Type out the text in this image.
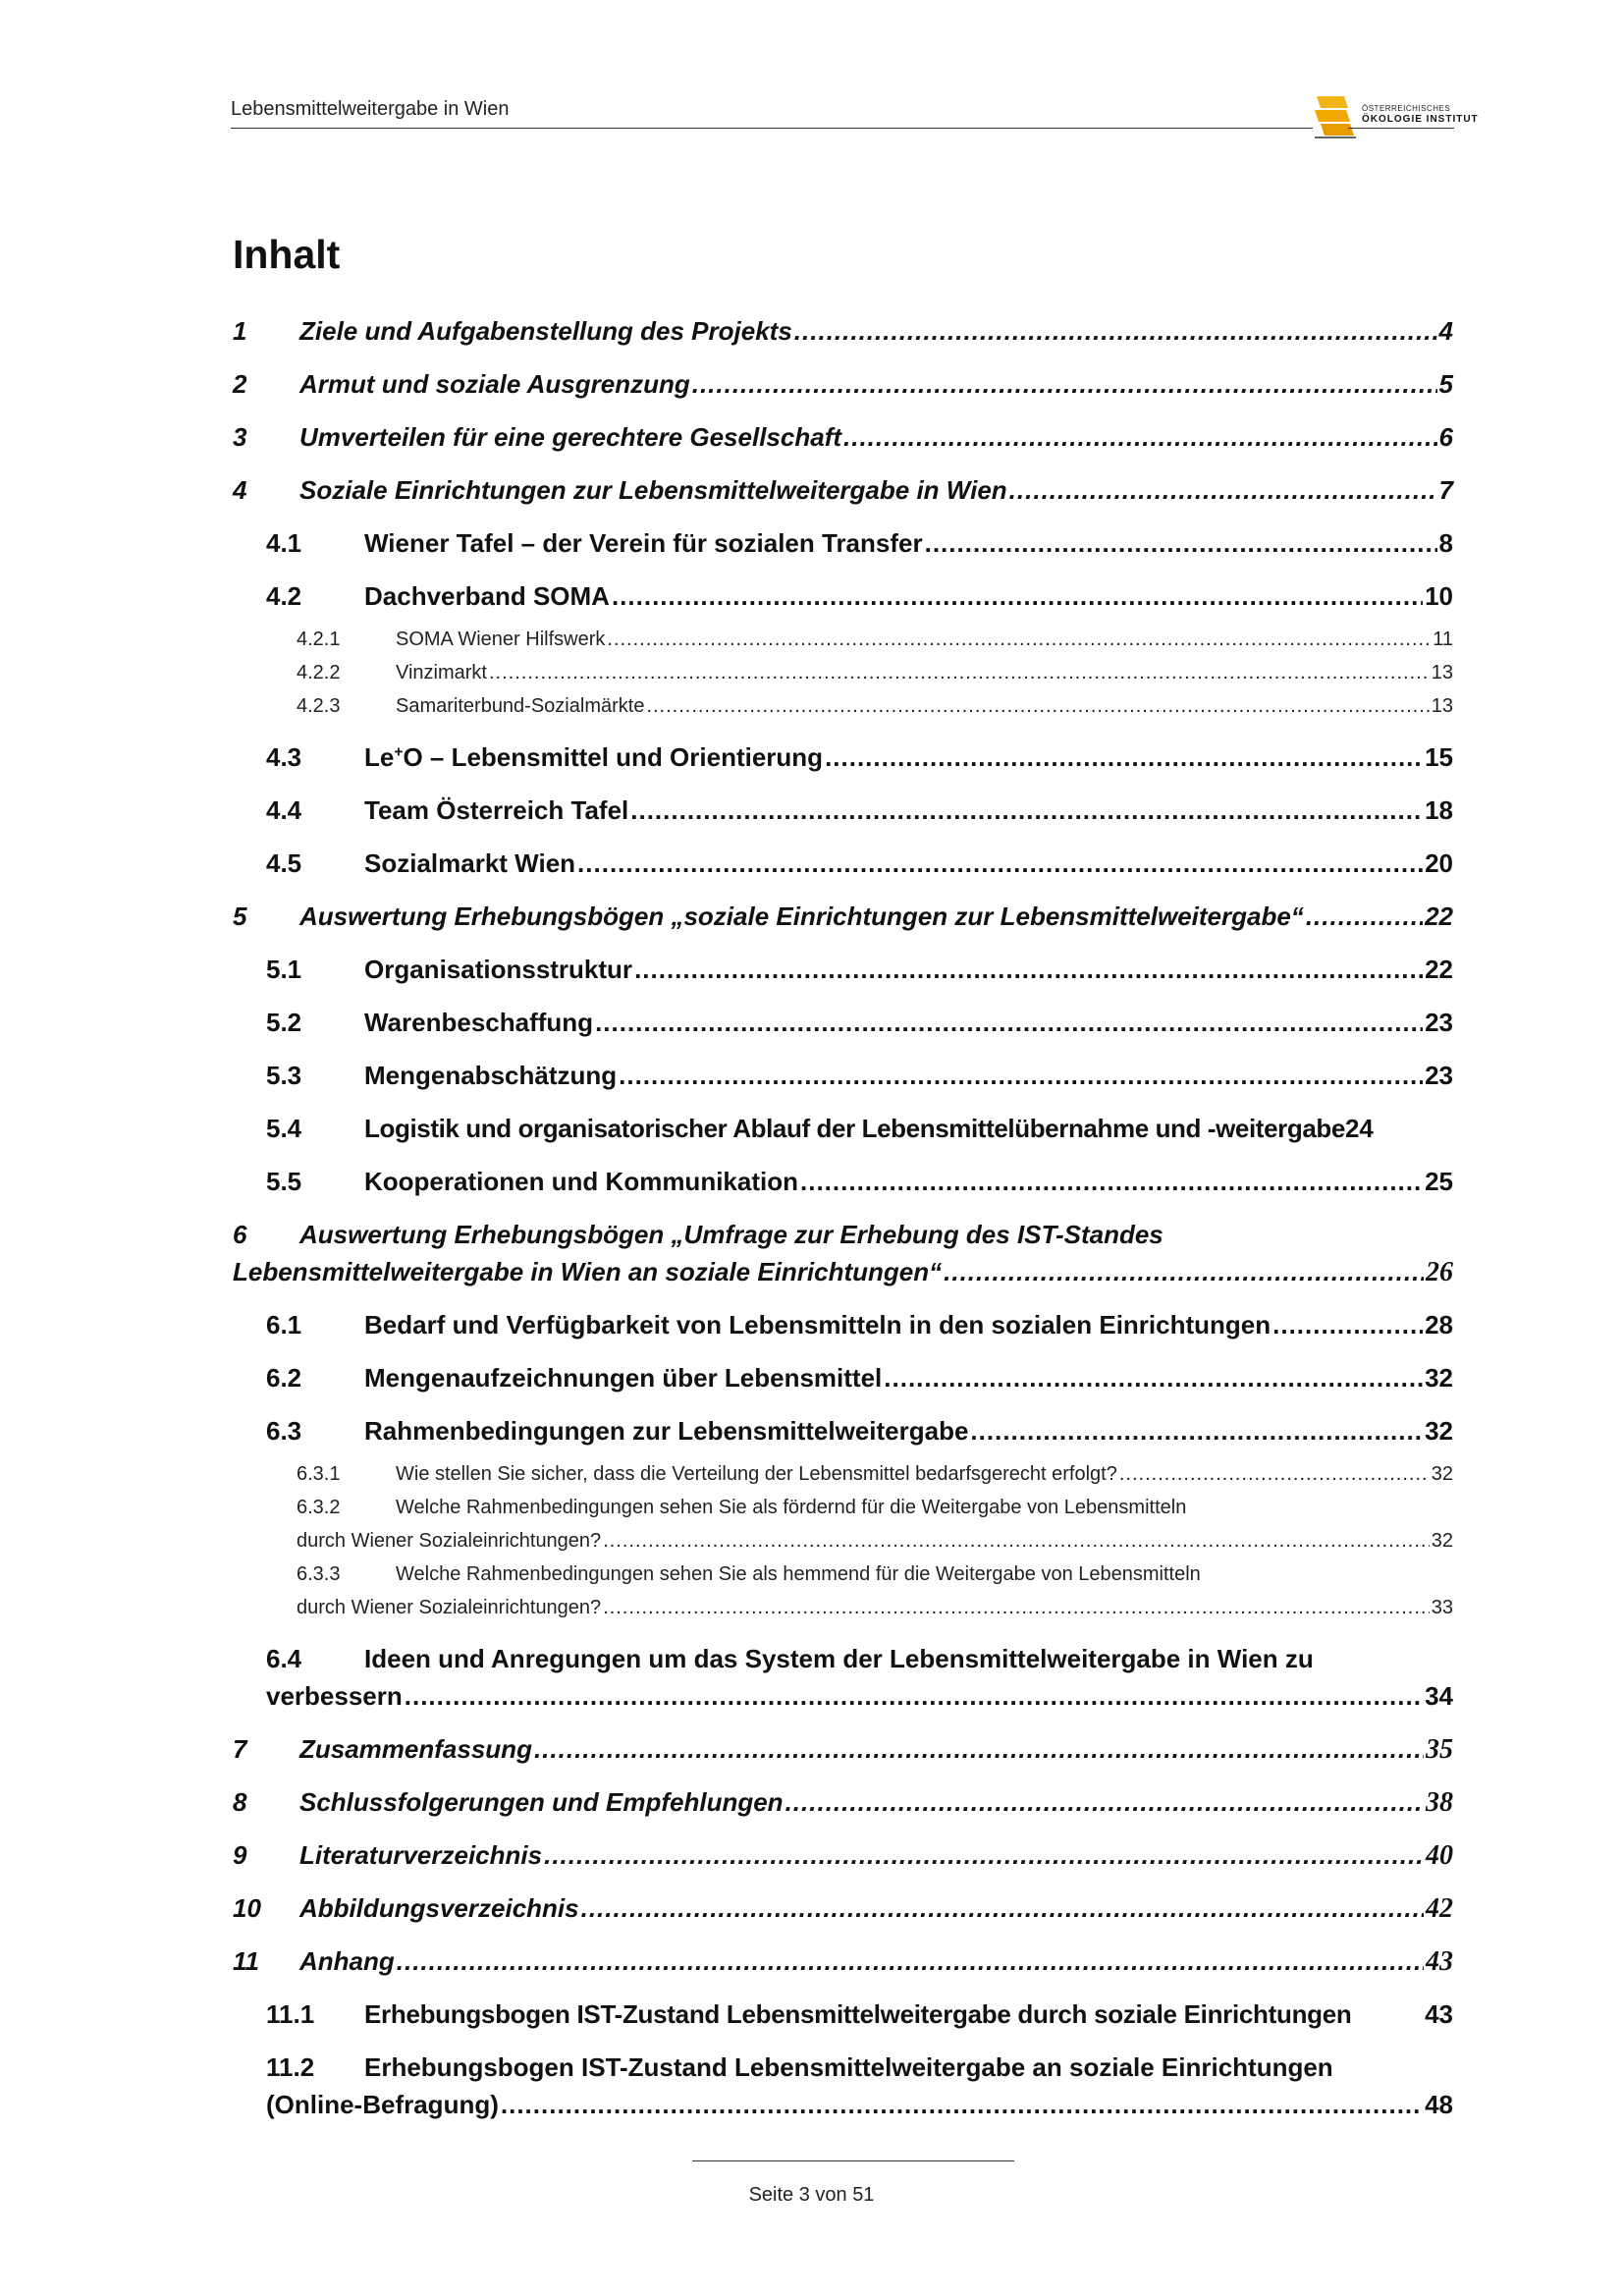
Lebensmittelweitergabe in Wien	ÖSTERREICHISCHES
ÖKOLOGIE INSTITUT
Inhalt
1	Ziele und Aufgabenstellung des Projekts .....	4
2	Armut und soziale Ausgrenzung .....	5
3	Umverteilen für eine gerechtere Gesellschaft .....	6
4	Soziale Einrichtungen zur Lebensmittelweitergabe in Wien .....	7
4.1	Wiener Tafel – der Verein für sozialen Transfer .....	8
4.2	Dachverband SOMA .....	10
4.2.1	SOMA Wiener Hilfswerk .....	11
4.2.2	Vinzimarkt .....	13
4.2.3	Samariterbund-Sozialmärkte .....	13
4.3	Le+O – Lebensmittel und Orientierung .....	15
4.4	Team Österreich Tafel .....	18
4.5	Sozialmarkt Wien .....	20
5	Auswertung Erhebungsbögen „soziale Einrichtungen zur Lebensmittelweitergabe“ .....	22
5.1	Organisationsstruktur .....	22
5.2	Warenbeschaffung .....	23
5.3	Mengenabschätzung .....	23
5.4	Logistik und organisatorischer Ablauf der Lebensmittelübernahme und -weitergabe 24
5.5	Kooperationen und Kommunikation .....	25
6 Auswertung Erhebungsbögen „Umfrage zur Erhebung des IST-Standes
Lebensmittelweitergabe in Wien an soziale Einrichtungen“ .....	26
6.1	Bedarf und Verfügbarkeit von Lebensmitteln in den sozialen Einrichtungen .....	28
6.2	Mengenaufzeichnungen über Lebensmittel .....	32
6.3	Rahmenbedingungen zur Lebensmittelweitergabe .....	32
6.3.1	Wie stellen Sie sicher, dass die Verteilung der Lebensmittel bedarfsgerecht erfolgt? .....	32
6.3.2	Welche Rahmenbedingungen sehen Sie als fördernd für die Weitergabe von Lebensmitteln
durch Wiener Sozialeinrichtungen? .....	32
6.3.3	Welche Rahmenbedingungen sehen Sie als hemmend für die Weitergabe von Lebensmitteln
durch Wiener Sozialeinrichtungen? .....	33
6.4 Ideen und Anregungen um das System der Lebensmittelweitergabe in Wien zu
verbessern .....	34
7	Zusammenfassung .....	35
8	Schlussfolgerungen und Empfehlungen .....	38
9	Literaturverzeichnis .....	40
10	Abbildungsverzeichnis .....	42
11	Anhang .....	43
11.1	Erhebungsbogen IST-Zustand Lebensmittelweitergabe durch soziale Einrichtungen	43
11.2 Erhebungsbogen IST-Zustand Lebensmittelweitergabe an soziale Einrichtungen
(Online-Befragung) .....	48
Seite 3 von 51
